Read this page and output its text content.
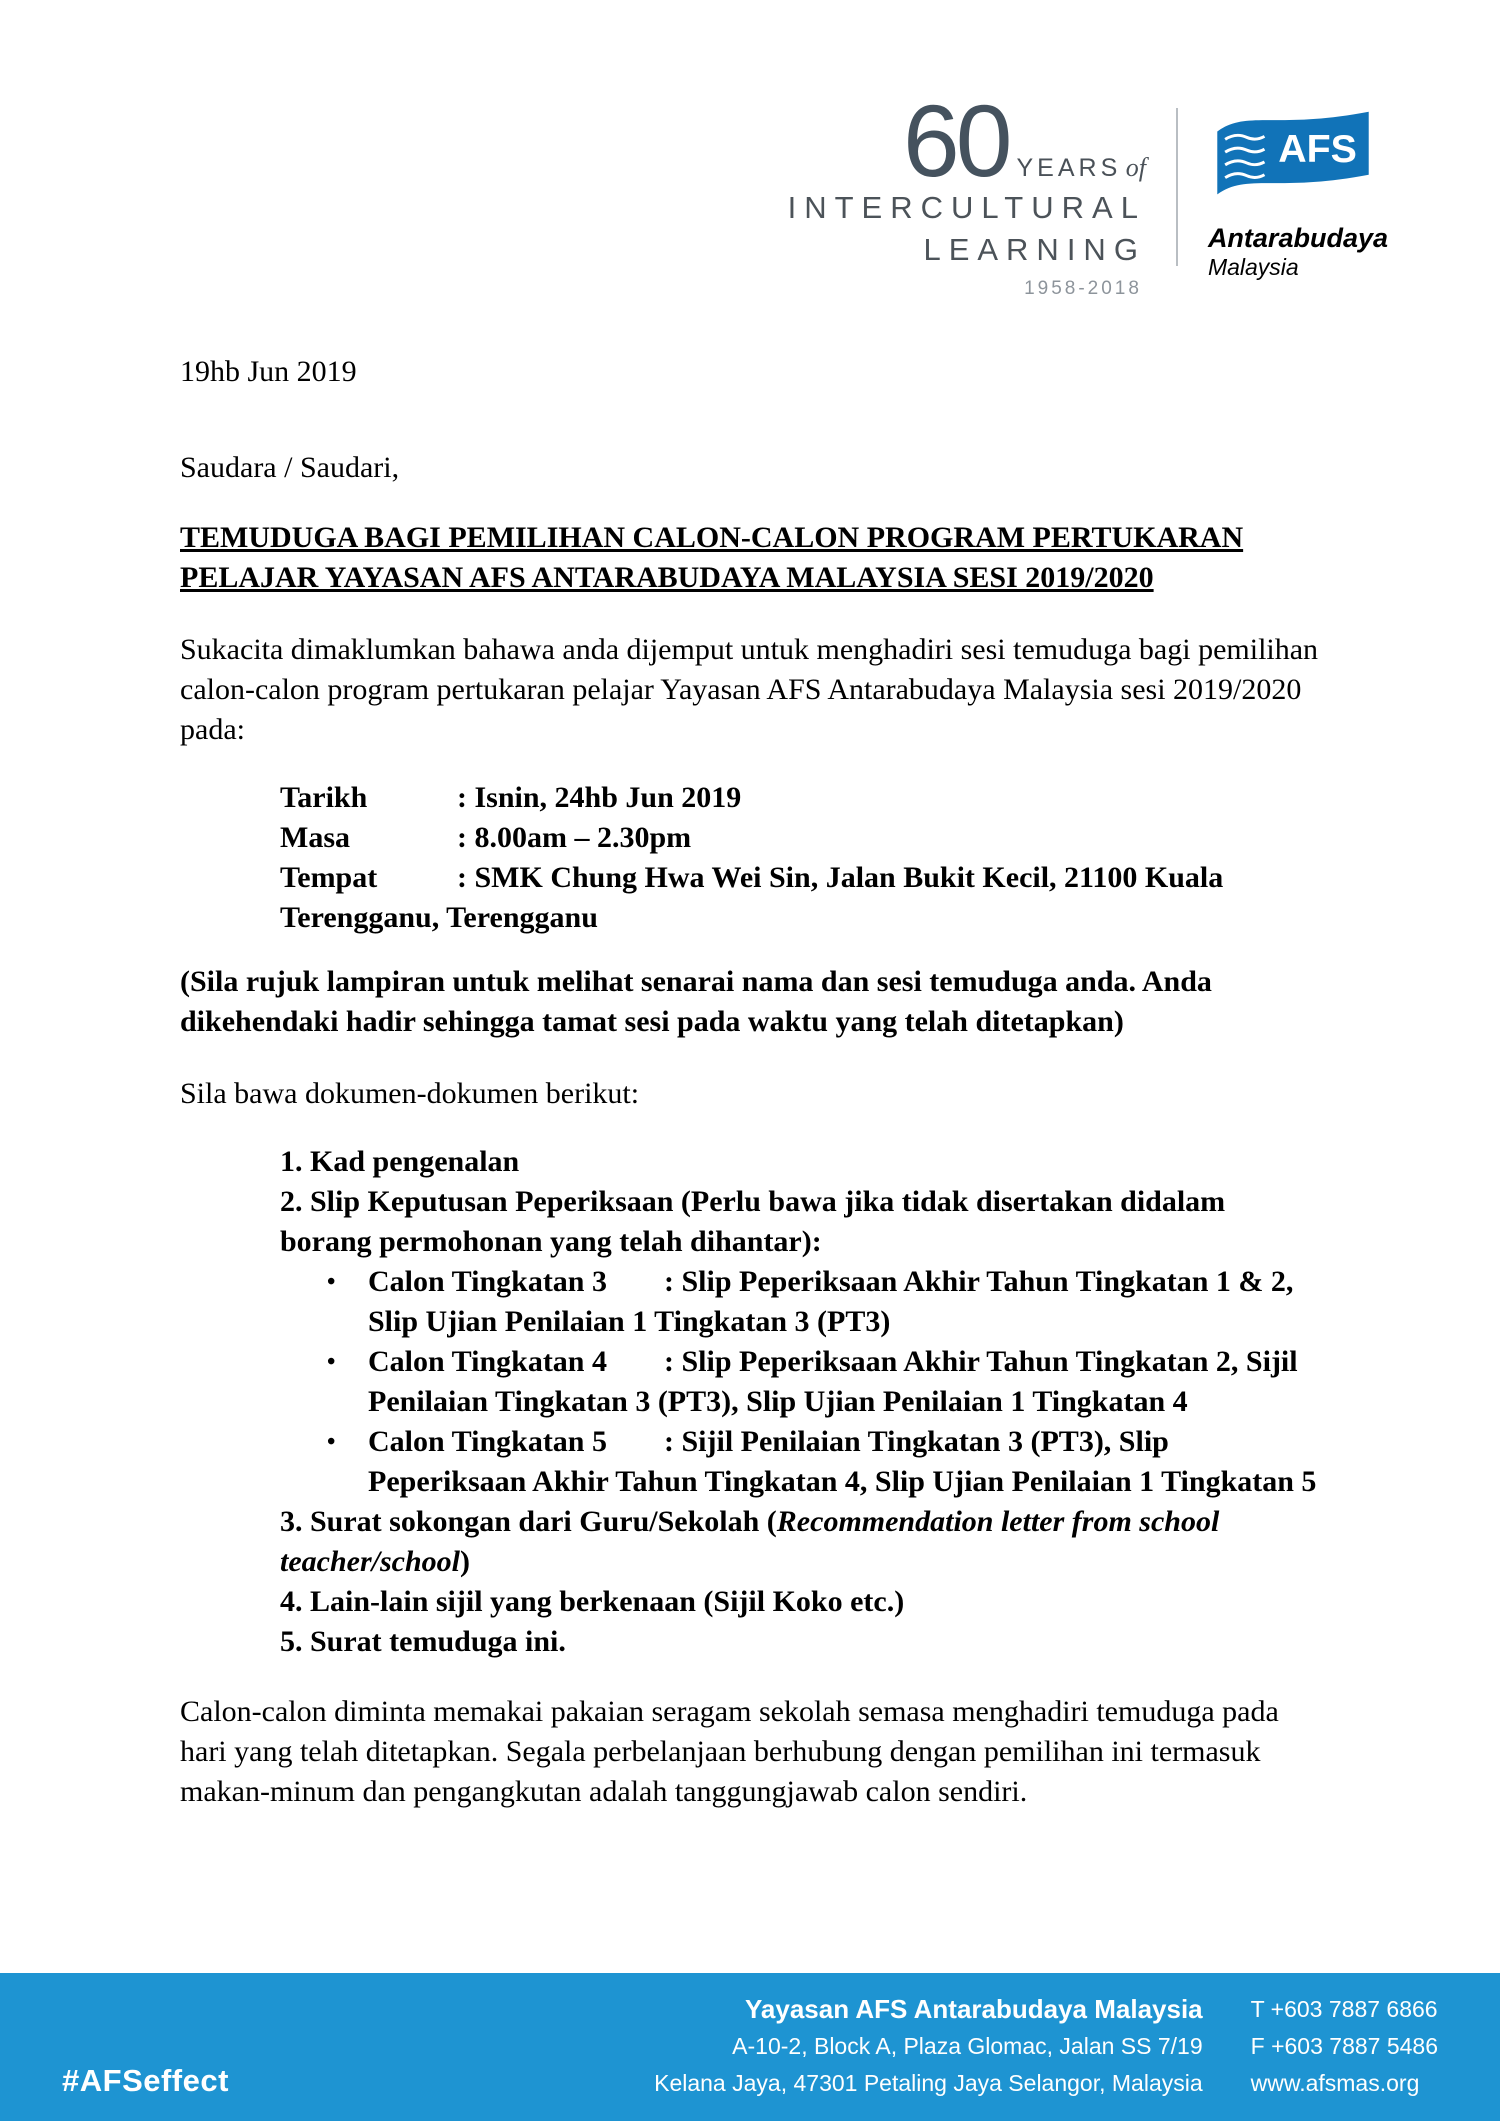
60 YEARS of
INTERCULTURAL
LEARNING
1958-2018
AFS
Antarabudaya
Malaysia
19hb Jun 2019
Saudara / Saudari,
TEMUDUGA BAGI PEMILIHAN CALON-CALON PROGRAM PERTUKARAN
PELAJAR YAYASAN AFS ANTARABUDAYA MALAYSIA SESI 2019/2020
Sukacita dimaklumkan bahawa anda dijemput untuk menghadiri sesi temuduga bagi pemilihan calon-calon program pertukaran pelajar Yayasan AFS Antarabudaya Malaysia sesi 2019/2020 pada:
Tarikh	: Isnin, 24hb Jun 2019
Masa	: 8.00am – 2.30pm
Tempat	: SMK Chung Hwa Wei Sin, Jalan Bukit Kecil, 21100 Kuala Terengganu, Terengganu
(Sila rujuk lampiran untuk melihat senarai nama dan sesi temuduga anda. Anda dikehendaki hadir sehingga tamat sesi pada waktu yang telah ditetapkan)
Sila bawa dokumen-dokumen berikut:
1. Kad pengenalan
2. Slip Keputusan Peperiksaan (Perlu bawa jika tidak disertakan didalam borang permohonan yang telah dihantar):
•	Calon Tingkatan 3 : Slip Peperiksaan Akhir Tahun Tingkatan 1 & 2, Slip Ujian Penilaian 1 Tingkatan 3 (PT3)
•	Calon Tingkatan 4 : Slip Peperiksaan Akhir Tahun Tingkatan 2, Sijil Penilaian Tingkatan 3 (PT3), Slip Ujian Penilaian 1 Tingkatan 4
•	Calon Tingkatan 5 : Sijil Penilaian Tingkatan 3 (PT3), Slip Peperiksaan Akhir Tahun Tingkatan 4, Slip Ujian Penilaian 1 Tingkatan 5
3. Surat sokongan dari Guru/Sekolah (Recommendation letter from school teacher/school)
4. Lain-lain sijil yang berkenaan (Sijil Koko etc.)
5. Surat temuduga ini.
Calon-calon diminta memakai pakaian seragam sekolah semasa menghadiri temuduga pada hari yang telah ditetapkan. Segala perbelanjaan berhubung dengan pemilihan ini termasuk makan-minum dan pengangkutan adalah tanggungjawab calon sendiri.
#AFSeffect
Yayasan AFS Antarabudaya Malaysia
A-10-2, Block A, Plaza Glomac, Jalan SS 7/19
Kelana Jaya, 47301 Petaling Jaya Selangor, Malaysia
T +603 7887 6866
F +603 7887 5486
www.afsmas.org
